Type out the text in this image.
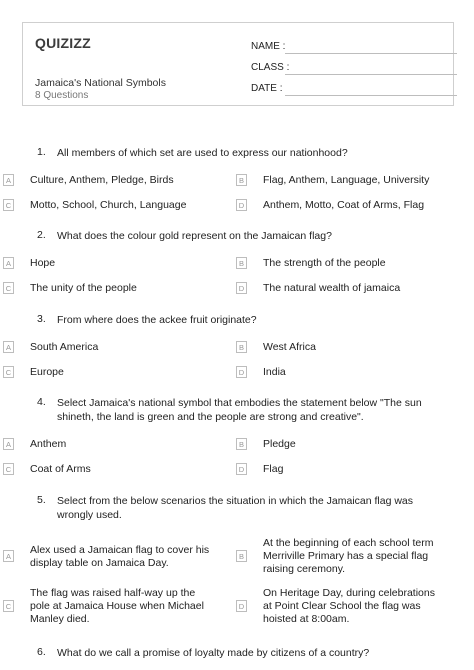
QUIZIZZ
Jamaica's National Symbols
8 Questions
NAME :
CLASS :
DATE :
1.	All members of which set are used to express our nationhood?
A Culture, Anthem, Pledge, Birds	B Flag, Anthem, Language, University
C Motto, School, Church, Language	D Anthem, Motto, Coat of Arms, Flag
2.	What does the colour gold represent on the Jamaican flag?
A Hope	B The strength of the people
C The unity of the people	D The natural wealth of jamaica
3.	From where does the ackee fruit originate?
A South America	B West Africa
C Europe	D India
4.	Select Jamaica's national symbol that embodies the statement below "The sun shineth, the land is green and the people are strong and creative".
A Anthem	B Pledge
C Coat of Arms	D Flag
5.	Select from the below scenarios the situation in which the Jamaican flag was wrongly used.
A
Alex used a Jamaican flag to cover his display table on Jamaica Day.
B
At the beginning of each school term Merriville Primary has a special flag raising ceremony.
C
The flag was raised half-way up the pole at Jamaica House when Michael Manley died.
D
On Heritage Day, during celebrations at Point Clear School the flag was hoisted at 8:00am.
6.	What do we call a promise of loyalty made by citizens of a country?
